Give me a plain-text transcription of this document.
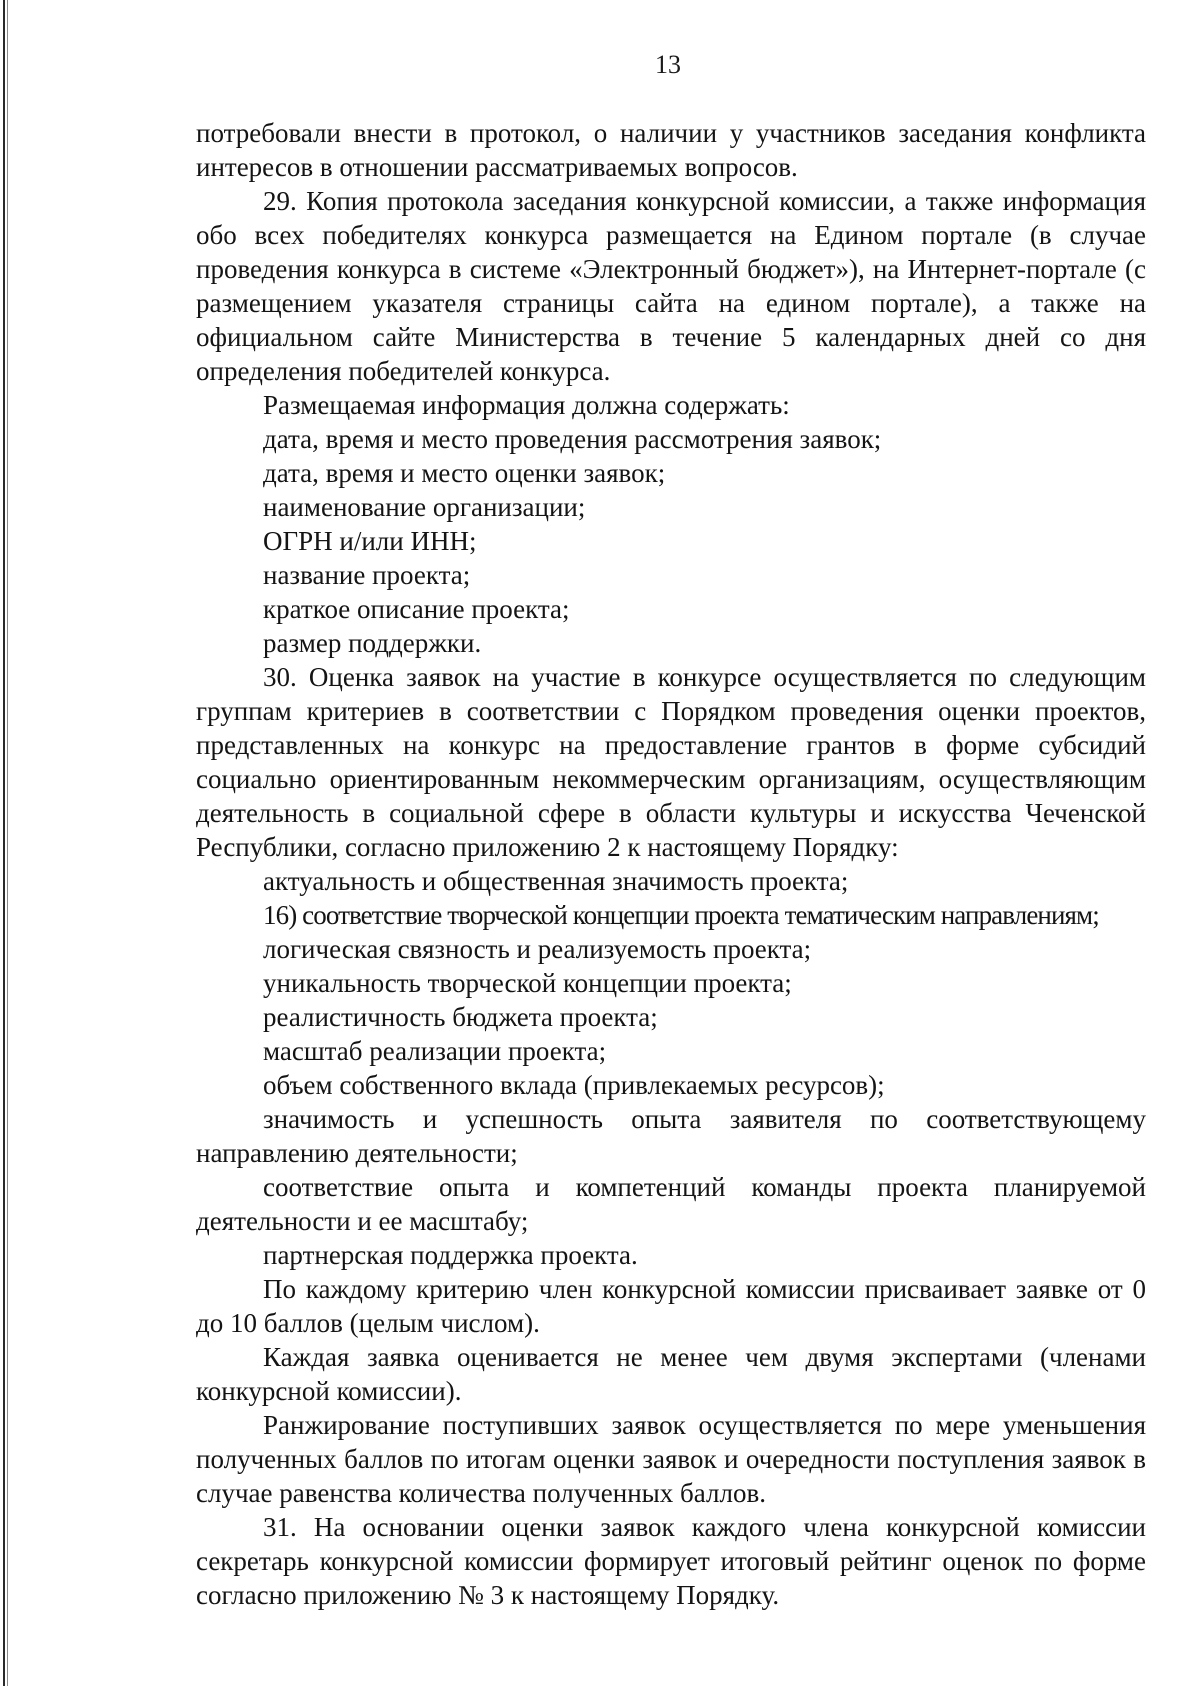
13

потребовали внести в протокол, о наличии у участников заседания конфликта интересов в отношении рассматриваемых вопросов.

29. Копия протокола заседания конкурсной комиссии, а также информация обо всех победителях конкурса размещается на Едином портале (в случае проведения конкурса в системе «Электронный бюджет»), на Интернет-портале (с размещением указателя страницы сайта на едином портале), а также на официальном сайте Министерства в течение 5 календарных дней со дня определения победителей конкурса.

Размещаемая информация должна содержать:

дата, время и место проведения рассмотрения заявок;

дата, время и место оценки заявок;

наименование организации;

ОГРН и/или ИНН;

название проекта;

краткое описание проекта;

размер поддержки.

30. Оценка заявок на участие в конкурсе осуществляется по следующим группам критериев в соответствии с Порядком проведения оценки проектов, представленных на конкурс на предоставление грантов в форме субсидий социально ориентированным некоммерческим организациям, осуществляющим деятельность в социальной сфере в области культуры и искусства Чеченской Республики, согласно приложению 2 к настоящему Порядку:

актуальность и общественная значимость проекта;

16) соответствие творческой концепции проекта тематическим направлениям;

логическая связность и реализуемость проекта;

уникальность творческой концепции проекта;

реалистичность бюджета проекта;

масштаб реализации проекта;

объем собственного вклада (привлекаемых ресурсов);

значимость и успешность опыта заявителя по соответствующему направлению деятельности;

соответствие опыта и компетенций команды проекта планируемой деятельности и ее масштабу;

партнерская поддержка проекта.

По каждому критерию член конкурсной комиссии присваивает заявке от 0 до 10 баллов (целым числом).

Каждая заявка оценивается не менее чем двумя экспертами (членами конкурсной комиссии).

Ранжирование поступивших заявок осуществляется по мере уменьшения полученных баллов по итогам оценки заявок и очередности поступления заявок в случае равенства количества полученных баллов.

31. На основании оценки заявок каждого члена конкурсной комиссии секретарь конкурсной комиссии формирует итоговый рейтинг оценок по форме согласно приложению № 3 к настоящему Порядку.
